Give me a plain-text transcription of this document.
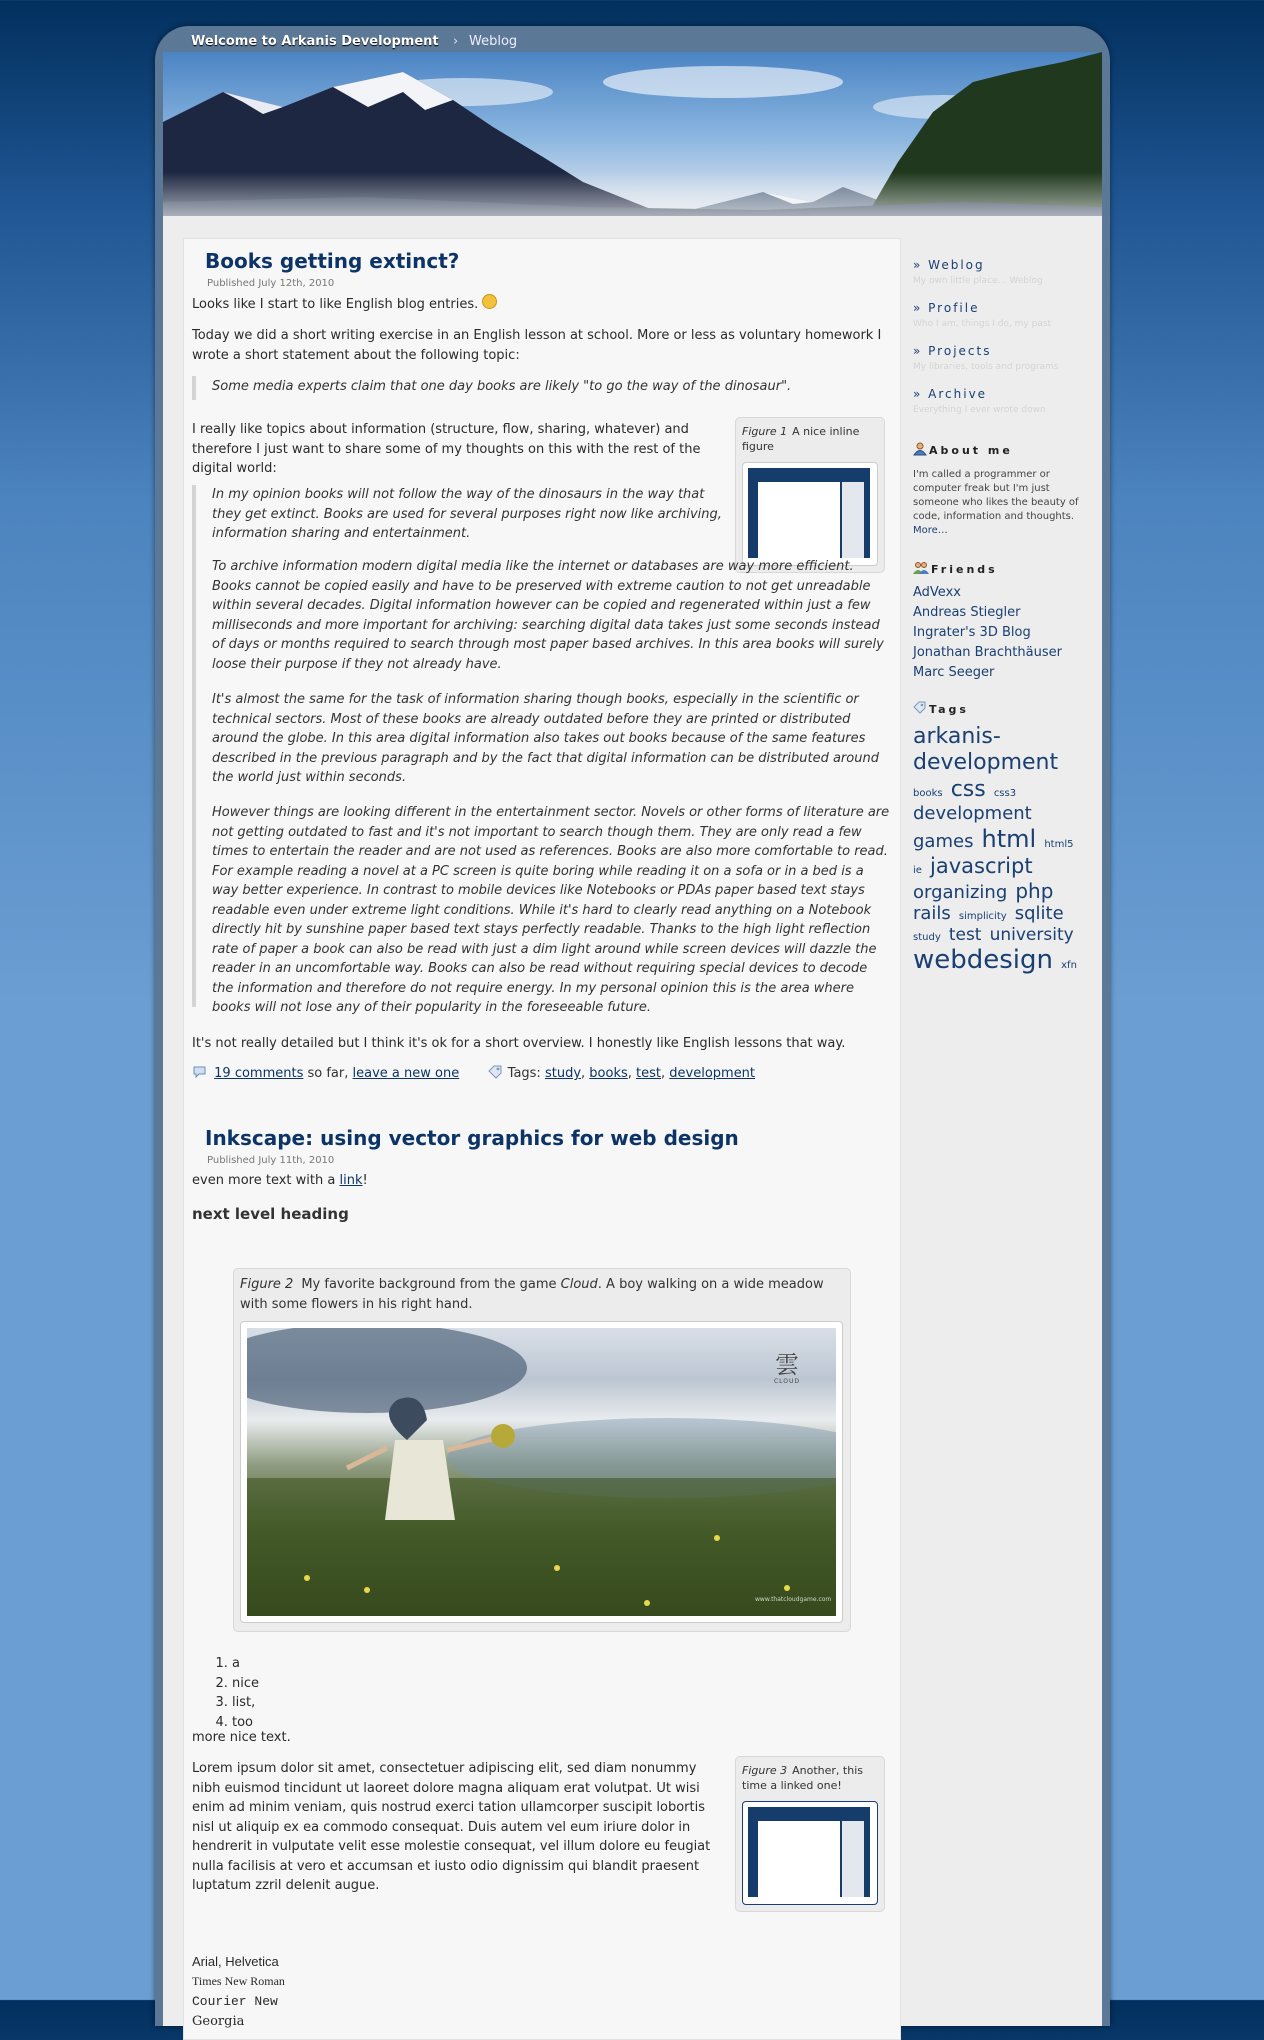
Welcome to Arkanis Development › Weblog
Books getting extinct?
Published July 12th, 2010

Looks like I start to like English blog entries.

Today we did a short writing exercise in an English lesson at school. More or less as voluntary homework I wrote a short statement about the following topic:

Some media experts claim that one day books are likely "to go the way of the dinosaur".

I really like topics about information (structure, flow, sharing, whatever) and therefore I just want to share some of my thoughts on this with the rest of the digital world:

Figure 1 A nice inline figure

In my opinion books will not follow the way of the dinosaurs in the way that they get extinct. Books are used for several purposes right now like archiving, information sharing and entertainment.

To archive information modern digital media like the internet or databases are way more efficient. Books cannot be copied easily and have to be preserved with extreme caution to not get unreadable within several decades. Digital information however can be copied and regenerated within just a few milliseconds and more important for archiving: searching digital data takes just some seconds instead of days or months required to search through most paper based archives. In this area books will surely loose their purpose if they not already have.

It's almost the same for the task of information sharing though books, especially in the scientific or technical sectors. Most of these books are already outdated before they are printed or distributed around the globe. In this area digital information also takes out books because of the same features described in the previous paragraph and by the fact that digital information can be distributed around the world just within seconds.

However things are looking different in the entertainment sector. Novels or other forms of literature are not getting outdated to fast and it's not important to search though them. They are only read a few times to entertain the reader and are not used as references. Books are also more comfortable to read. For example reading a novel at a PC screen is quite boring while reading it on a sofa or in a bed is a way better experience. In contrast to mobile devices like Notebooks or PDAs paper based text stays readable even under extreme light conditions. While it's hard to clearly read anything on a Notebook directly hit by sunshine paper based text stays perfectly readable. Thanks to the high light reflection rate of paper a book can also be read with just a dim light around while screen devices will dazzle the reader in an uncomfortable way. Books can also be read without requiring special devices to decode the information and therefore do not require energy. In my personal opinion this is the area where books will not lose any of their popularity in the foreseeable future.

It's not really detailed but I think it's ok for a short overview. I honestly like English lessons that way.

19 comments so far, leave a new one	Tags: study, books, test, development
Inkscape: using vector graphics for web design
Published July 11th, 2010

even more text with a link!

next level heading
Figure 2 My favorite background from the game Cloud. A boy walking on a wide meadow with some flowers in his right hand.
雲
CLOUD
www.thatcloudgame.com
1. a
2. nice
3. list,
4. too

more nice text.

Lorem ipsum dolor sit amet, consectetuer adipiscing elit, sed diam nonummy nibh euismod tincidunt ut laoreet dolore magna aliquam erat volutpat. Ut wisi enim ad minim veniam, quis nostrud exerci tation ullamcorper suscipit lobortis nisl ut aliquip ex ea commodo consequat. Duis autem vel eum iriure dolor in hendrerit in vulputate velit esse molestie consequat, vel illum dolore eu feugiat nulla facilisis at vero et accumsan et iusto odio dignissim qui blandit praesent luptatum zzril delenit augue.

Figure 3 Another, this time a linked one!
Arial, Helvetica
Times New Roman
Courier New
Georgia
» Weblog
My own little place… Weblog
» Profile
Who I am, things I do, my past
» Projects
My libraries, tools and programs
» Archive
Everything I ever wrote down
About me
I'm called a programmer or computer freak but I'm just someone who likes the beauty of code, information and thoughts. More…
Friends
AdVexx
Andreas Stiegler
Ingrater's 3D Blog
Jonathan Brachthäuser
Marc Seeger
Tags
arkanis-development books css css3 development games html html5 ie javascript organizing php rails simplicity sqlite study test university webdesign xfn
